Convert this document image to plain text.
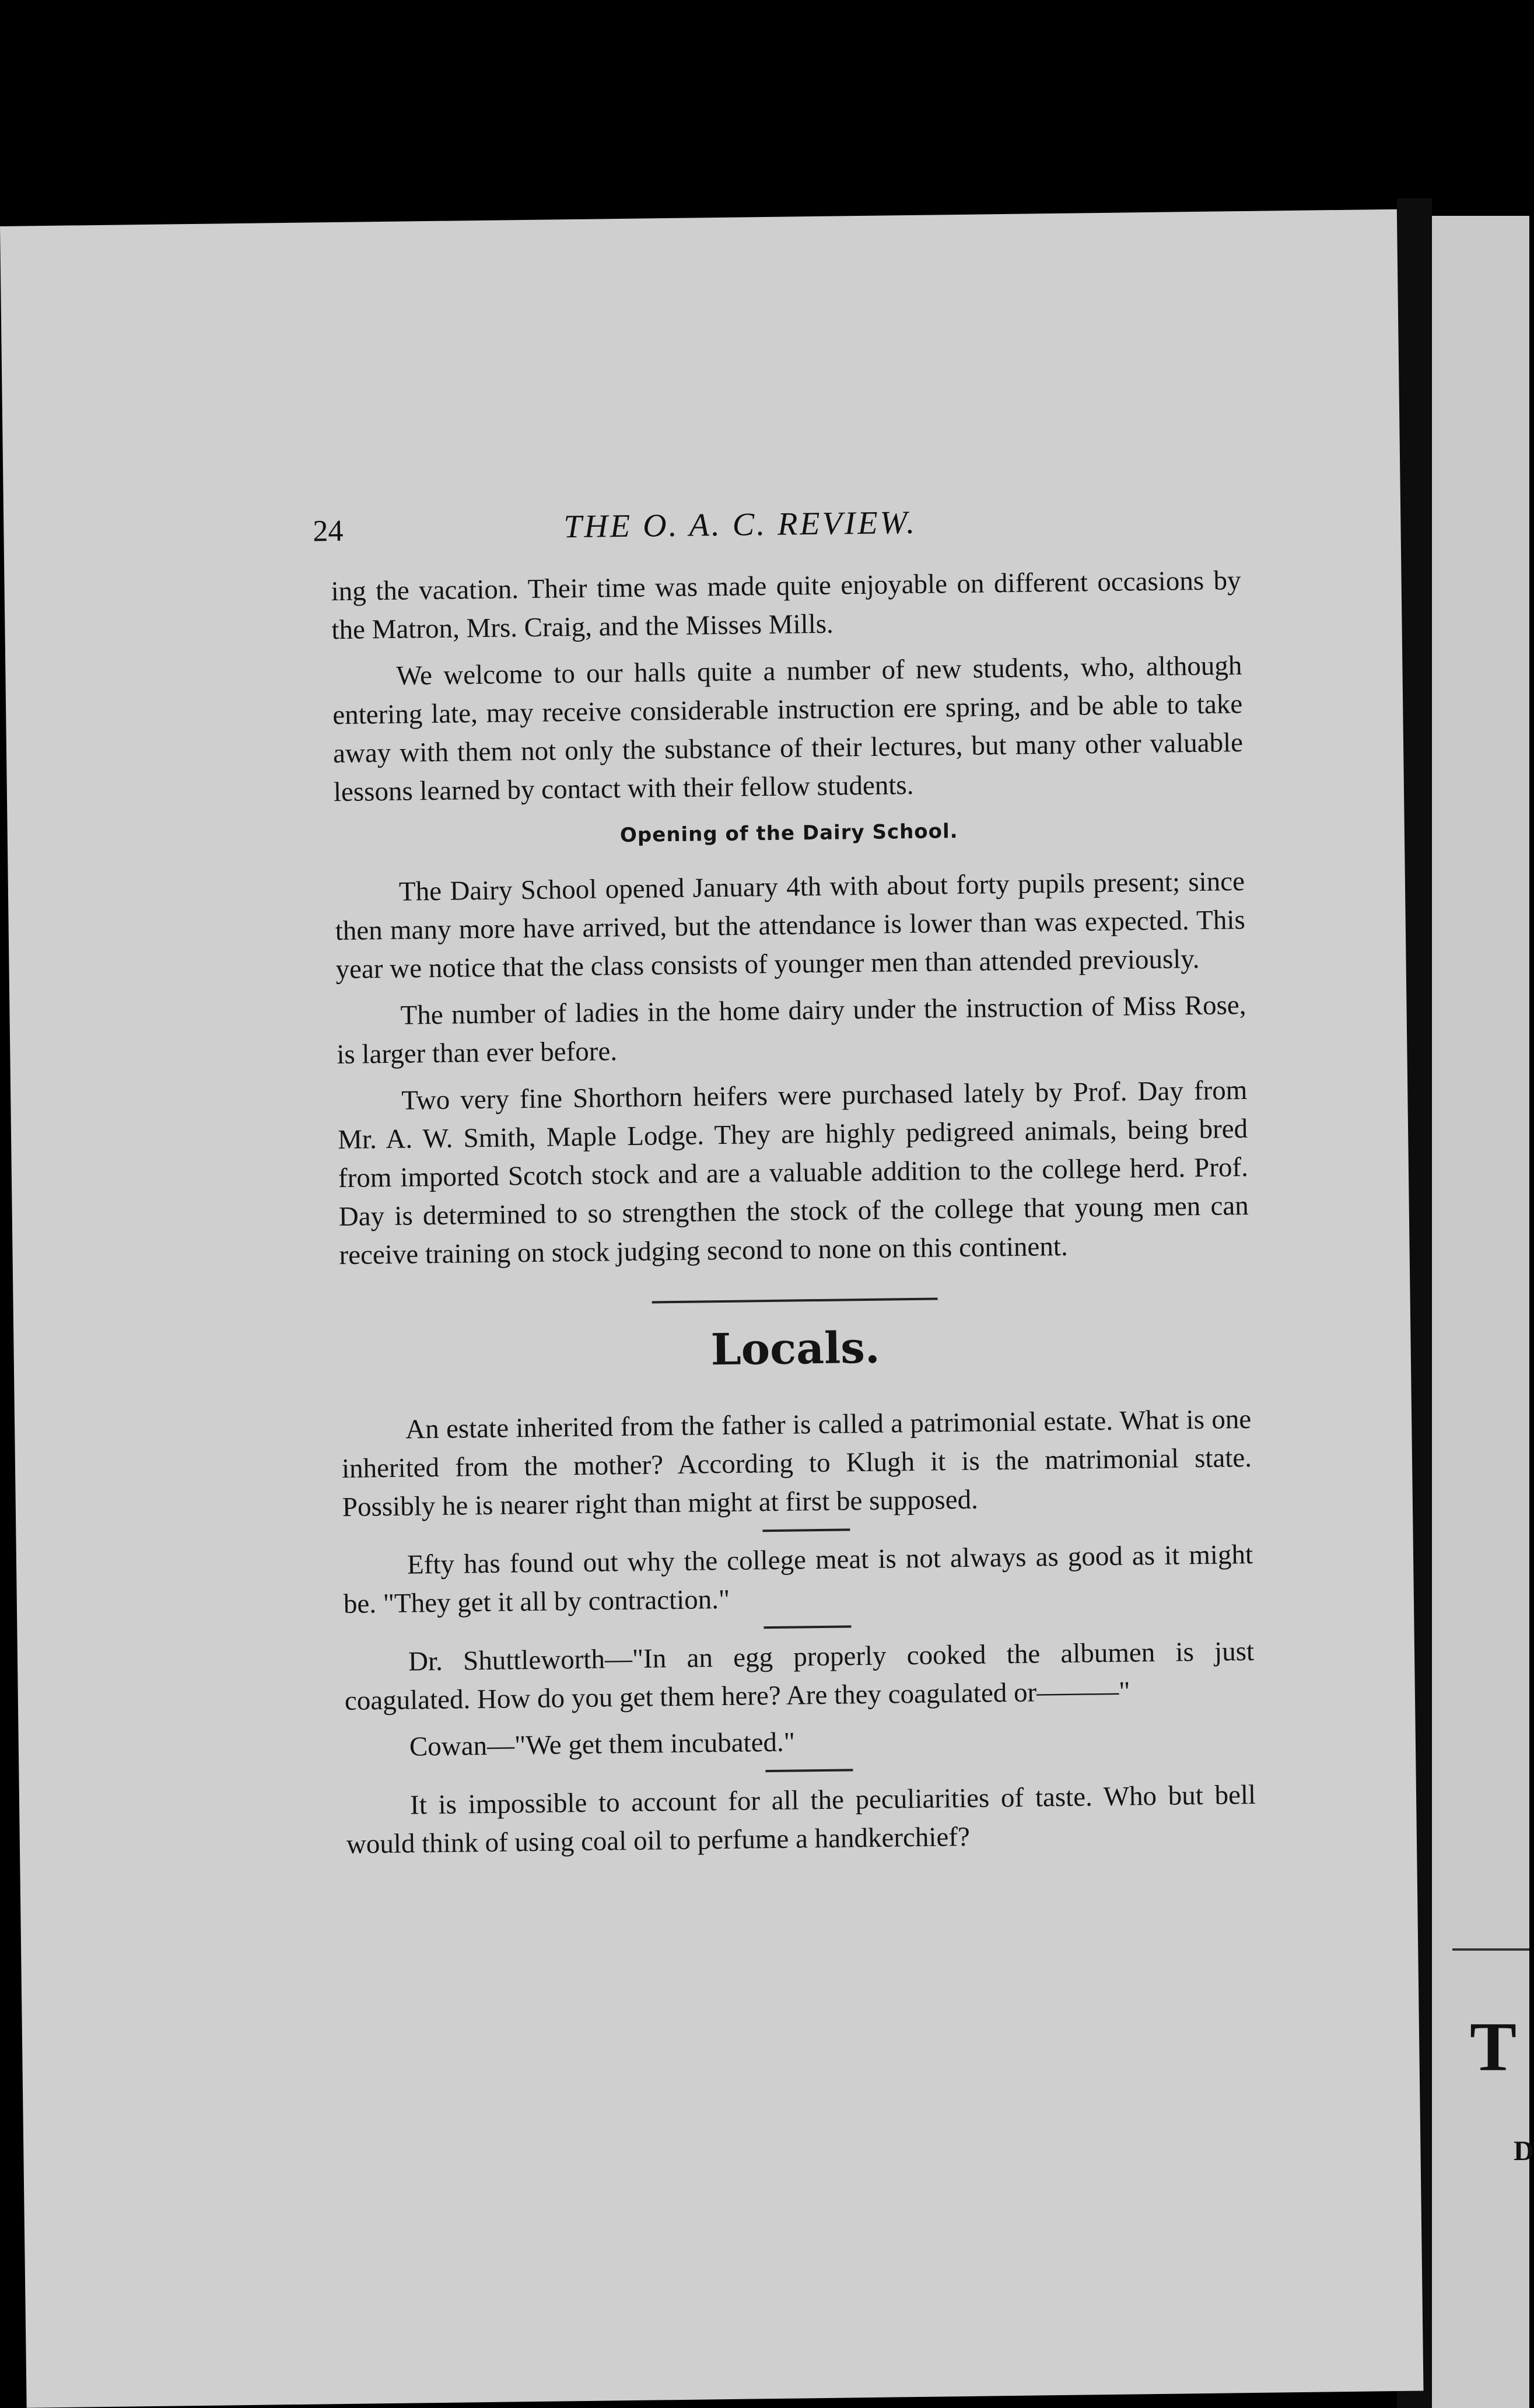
T
D
24	THE O. A. C. REVIEW.

ing the vacation. Their time was made quite enjoyable on different occasions by the Matron, Mrs. Craig, and the Misses Mills.

We welcome to our halls quite a number of new students, who, although entering late, may receive considerable instruction ere spring, and be able to take away with them not only the substance of their lectures, but many other valuable lessons learned by contact with their fellow students.

Opening of the Dairy School.

The Dairy School opened January 4th with about forty pupils present; since then many more have arrived, but the attendance is lower than was expected. This year we notice that the class consists of younger men than attended previously.

The number of ladies in the home dairy under the instruction of Miss Rose, is larger than ever before.

Two very fine Shorthorn heifers were purchased lately by Prof. Day from Mr. A. W. Smith, Maple Lodge. They are highly pedigreed animals, being bred from imported Scotch stock and are a valuable addition to the college herd. Prof. Day is determined to so strengthen the stock of the college that young men can receive training on stock judging second to none on this continent.

Locals.

An estate inherited from the father is called a patrimonial estate. What is one inherited from the mother? According to Klugh it is the matrimonial state. Possibly he is nearer right than might at first be supposed.

Efty has found out why the college meat is not always as good as it might be. "They get it all by contraction."

Dr. Shuttleworth—"In an egg properly cooked the albumen is just coagulated. How do you get them here? Are they coagulated or———"

Cowan—"We get them incubated."

It is impossible to account for all the peculiarities of taste. Who but bell would think of using coal oil to perfume a handkerchief?
